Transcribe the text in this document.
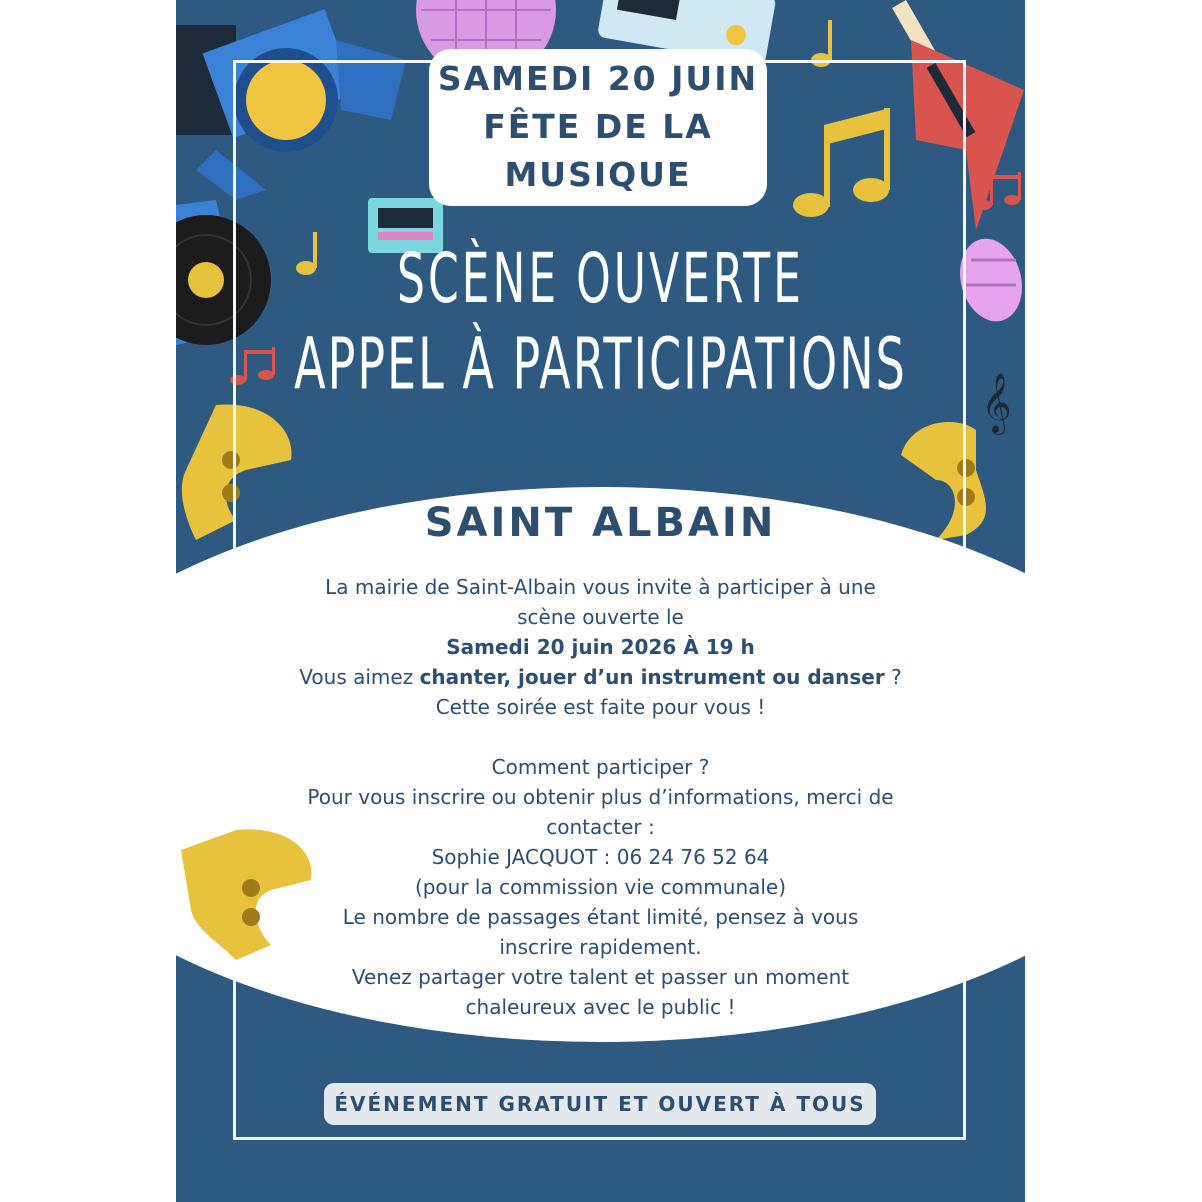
𝄞
SAMEDI 20 JUIN
FÊTE DE LA
MUSIQUE
SCÈNE OUVERTE
APPEL À PARTICIPATIONS
SAINT ALBAIN
La mairie de Saint-Albain vous invite à participer à une
scène ouverte le
Samedi 20 juin 2026 À 19 h
Vous aimez chanter, jouer d’un instrument ou danser ?
Cette soirée est faite pour vous !
Comment participer ?
Pour vous inscrire ou obtenir plus d’informations, merci de
contacter :
Sophie JACQUOT : 06 24 76 52 64
(pour la commission vie communale)
Le nombre de passages étant limité, pensez à vous
inscrire rapidement.
Venez partager votre talent et passer un moment
chaleureux avec le public !
ÉVÉNEMENT GRATUIT ET OUVERT À TOUS
